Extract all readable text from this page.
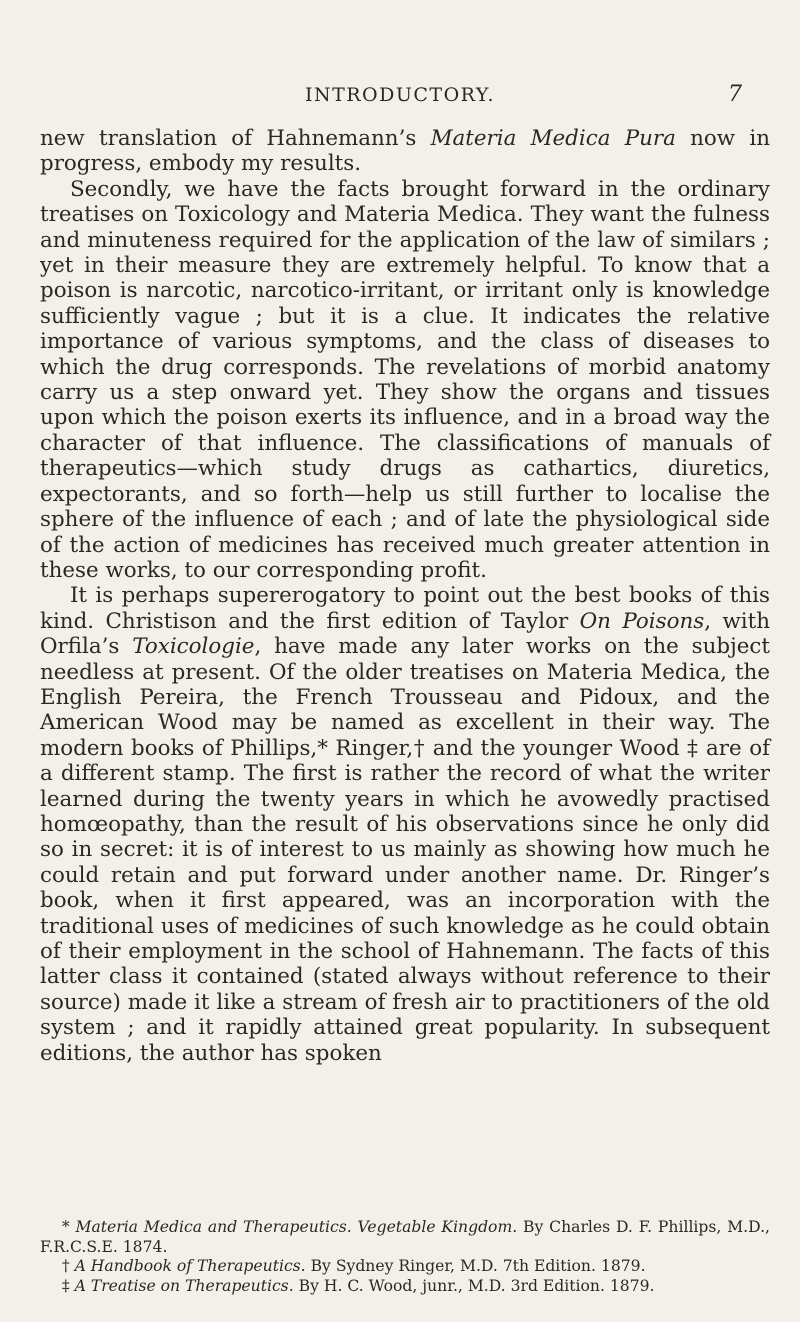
INTRODUCTORY.	7

new translation of Hahnemann’s Materia Medica Pura now in progress, embody my results.

Secondly, we have the facts brought forward in the ordinary treatises on Toxicology and Materia Medica. They want the fulness and minuteness required for the application of the law of similars ; yet in their measure they are extremely helpful. To know that a poison is narcotic, narcotico-irritant, or irritant only is knowledge sufficiently vague ; but it is a clue. It indicates the relative importance of various symptoms, and the class of diseases to which the drug corresponds. The revelations of morbid anatomy carry us a step onward yet. They show the organs and tissues upon which the poison exerts its influence, and in a broad way the character of that influence. The classifications of manuals of therapeutics—which study drugs as cathartics, diuretics, expectorants, and so forth—help us still further to localise the sphere of the influence of each ; and of late the physiological side of the action of medicines has received much greater attention in these works, to our corresponding profit.

It is perhaps supererogatory to point out the best books of this kind. Christison and the first edition of Taylor On Poisons, with Orfila’s Toxicologie, have made any later works on the subject needless at present. Of the older treatises on Materia Medica, the English Pereira, the French Trousseau and Pidoux, and the American Wood may be named as excellent in their way. The modern books of Phillips,* Ringer,† and the younger Wood ‡ are of a different stamp. The first is rather the record of what the writer learned during the twenty years in which he avowedly practised homœopathy, than the result of his observations since he only did so in secret: it is of interest to us mainly as showing how much he could retain and put forward under another name. Dr. Ringer’s book, when it first appeared, was an incorporation with the traditional uses of medicines of such knowledge as he could obtain of their employment in the school of Hahnemann. The facts of this latter class it contained (stated always without reference to their source) made it like a stream of fresh air to practitioners of the old system ; and it rapidly attained great popularity. In subsequent editions, the author has spoken

* Materia Medica and Therapeutics. Vegetable Kingdom. By Charles D. F. Phillips, M.D., F.R.C.S.E. 1874.

† A Handbook of Therapeutics. By Sydney Ringer, M.D. 7th Edition. 1879.

‡ A Treatise on Therapeutics. By H. C. Wood, junr., M.D. 3rd Edition. 1879.
